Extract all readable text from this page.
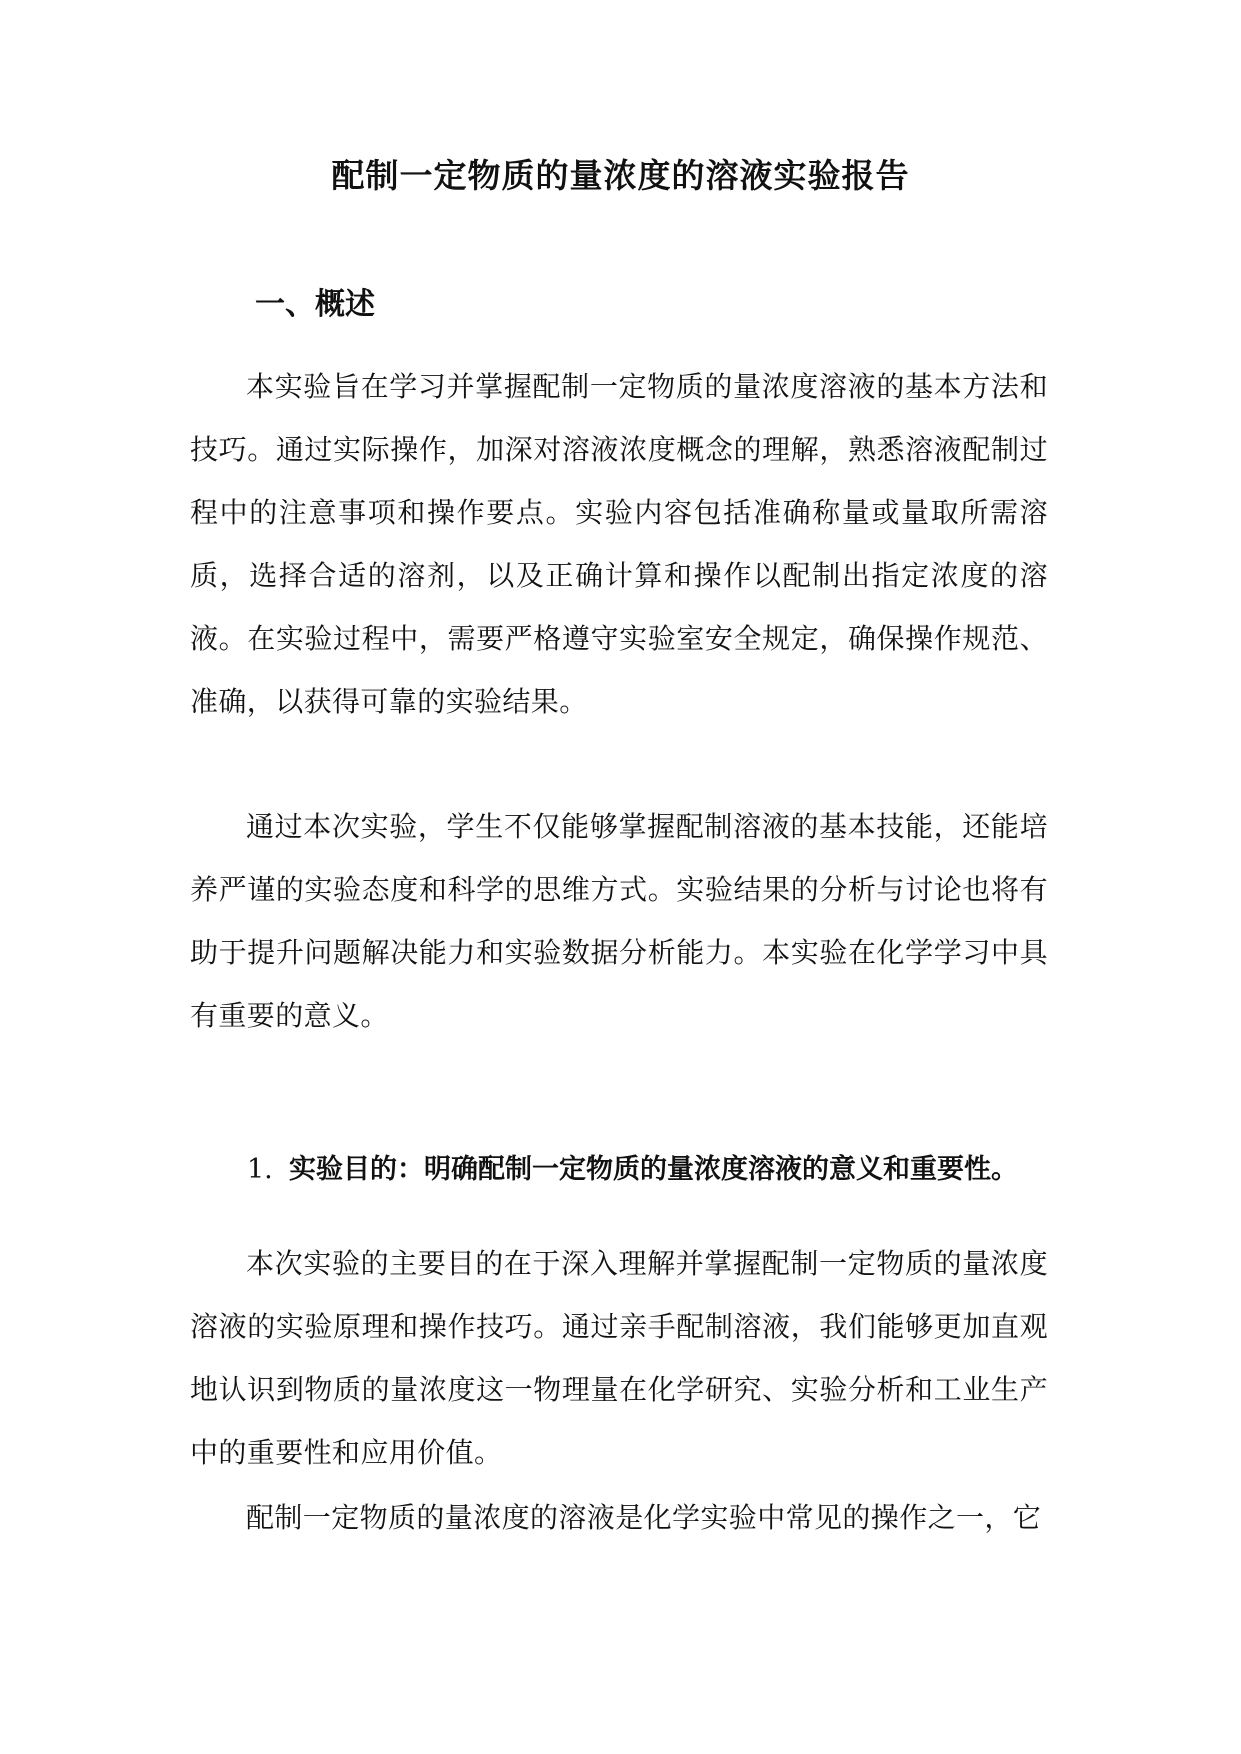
配制一定物质的量浓度的溶液实验报告
一、概述

本实验旨在学习并掌握配制一定物质的量浓度溶液的基本方法和技巧。通过实际操作，加深对溶液浓度概念的理解，熟悉溶液配制过程中的注意事项和操作要点。实验内容包括准确称量或量取所需溶质，选择合适的溶剂，以及正确计算和操作以配制出指定浓度的溶液。在实验过程中，需要严格遵守实验室安全规定，确保操作规范、准确，以获得可靠的实验结果。

通过本次实验，学生不仅能够掌握配制溶液的基本技能，还能培养严谨的实验态度和科学的思维方式。实验结果的分析与讨论也将有助于提升问题解决能力和实验数据分析能力。本实验在化学学习中具有重要的意义。

1. 实验目的：明确配制一定物质的量浓度溶液的意义和重要性。

本次实验的主要目的在于深入理解并掌握配制一定物质的量浓度溶液的实验原理和操作技巧。通过亲手配制溶液，我们能够更加直观地认识到物质的量浓度这一物理量在化学研究、实验分析和工业生产中的重要性和应用价值。

配制一定物质的量浓度的溶液是化学实验中常见的操作之一，它
